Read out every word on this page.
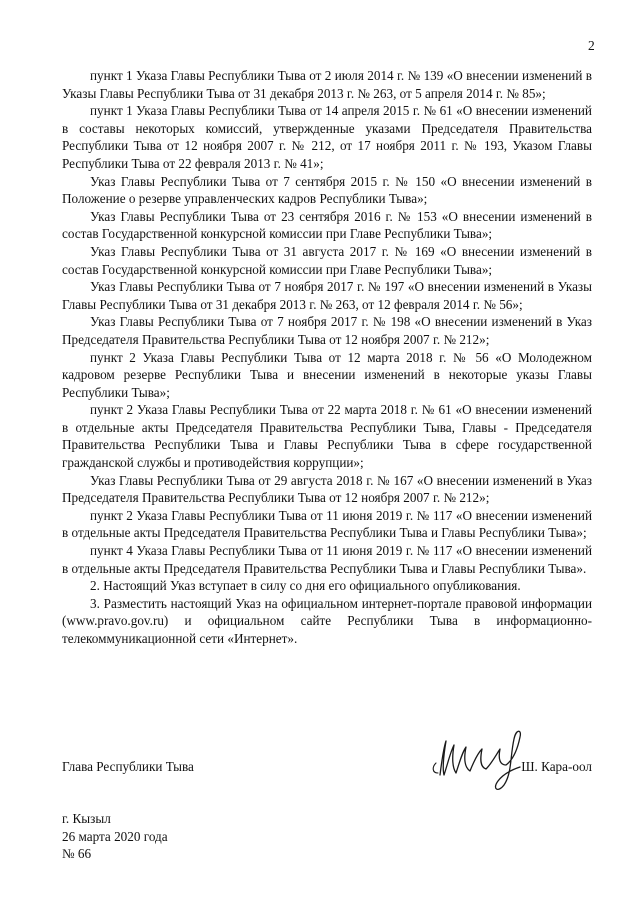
2

пункт 1 Указа Главы Республики Тыва от 2 июля 2014 г. № 139 «О внесении изменений в Указы Главы Республики Тыва от 31 декабря 2013 г. № 263, от 5 апреля 2014 г. № 85»;

пункт 1 Указа Главы Республики Тыва от 14 апреля 2015 г. № 61 «О внесении изменений в составы некоторых комиссий, утвержденные указами Председателя Правительства Республики Тыва от 12 ноября 2007 г. № 212, от 17 ноября 2011 г. № 193, Указом Главы Республики Тыва от 22 февраля 2013 г. № 41»;

Указ Главы Республики Тыва от 7 сентября 2015 г. № 150 «О внесении изменений в Положение о резерве управленческих кадров Республики Тыва»;

Указ Главы Республики Тыва от 23 сентября 2016 г. № 153 «О внесении изменений в состав Государственной конкурсной комиссии при Главе Республики Тыва»;

Указ Главы Республики Тыва от 31 августа 2017 г. № 169 «О внесении изменений в состав Государственной конкурсной комиссии при Главе Республики Тыва»;

Указ Главы Республики Тыва от 7 ноября 2017 г. № 197 «О внесении изменений в Указы Главы Республики Тыва от 31 декабря 2013 г. № 263, от 12 февраля 2014 г. № 56»;

Указ Главы Республики Тыва от 7 ноября 2017 г. № 198 «О внесении изменений в Указ Председателя Правительства Республики Тыва от 12 ноября 2007 г. № 212»;

пункт 2 Указа Главы Республики Тыва от 12 марта 2018 г. № 56 «О Молодежном кадровом резерве Республики Тыва и внесении изменений в некоторые указы Главы Республики Тыва»;

пункт 2 Указа Главы Республики Тыва от 22 марта 2018 г. № 61 «О внесении изменений в отдельные акты Председателя Правительства Республики Тыва, Главы - Председателя Правительства Республики Тыва и Главы Республики Тыва в сфере государственной гражданской службы и противодействия коррупции»;

Указ Главы Республики Тыва от 29 августа 2018 г. № 167 «О внесении изменений в Указ Председателя Правительства Республики Тыва от 12 ноября 2007 г. № 212»;

пункт 2 Указа Главы Республики Тыва от 11 июня 2019 г. № 117 «О внесении изменений в отдельные акты Председателя Правительства Республики Тыва и Главы Республики Тыва»;

пункт 4 Указа Главы Республики Тыва от 11 июня 2019 г. № 117 «О внесении изменений в отдельные акты Председателя Правительства Республики Тыва и Главы Республики Тыва».

2. Настоящий Указ вступает в силу со дня его официального опубликования.

3. Разместить настоящий Указ на официальном интернет-портале правовой информации (www.pravo.gov.ru) и официальном сайте Республики Тыва в информационно-телекоммуникационной сети «Интернет».

Глава Республики Тыва	Ш. Кара-оол
г. Кызыл
26 марта 2020 года
№ 66
